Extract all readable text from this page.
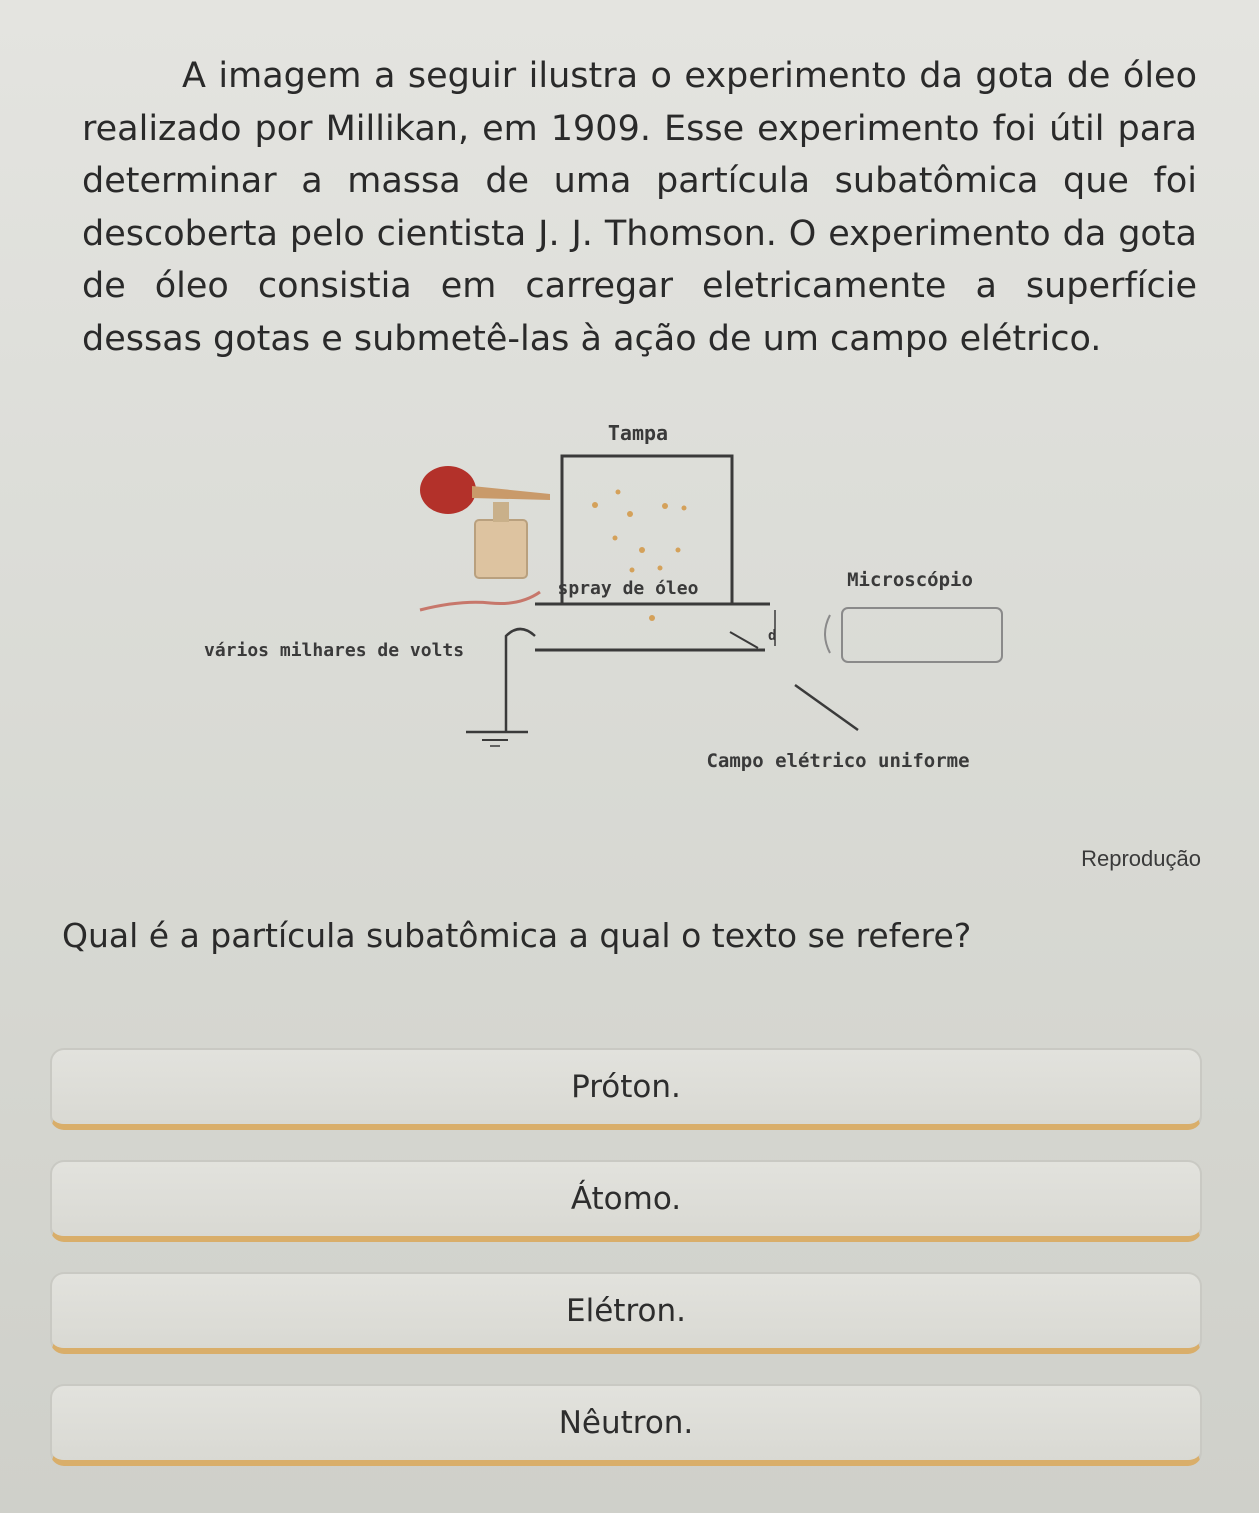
A imagem a seguir ilustra o experimento da gota de óleo realizado por Millikan, em 1909. Esse experimento foi útil para determinar a massa de uma partícula subatômica que foi descoberta pelo cientista J. J. Thomson. O experimento da gota de óleo consistia em carregar eletricamente a superfície dessas gotas e submetê-las à ação de um campo elétrico.

Tampa
spray de óleo	Microscópio
vários milhares de volts
d
Campo elétrico uniforme
Reprodução

Qual é a partícula subatômica a qual o texto se refere?

Próton.
Átomo.
Elétron.
Nêutron.
